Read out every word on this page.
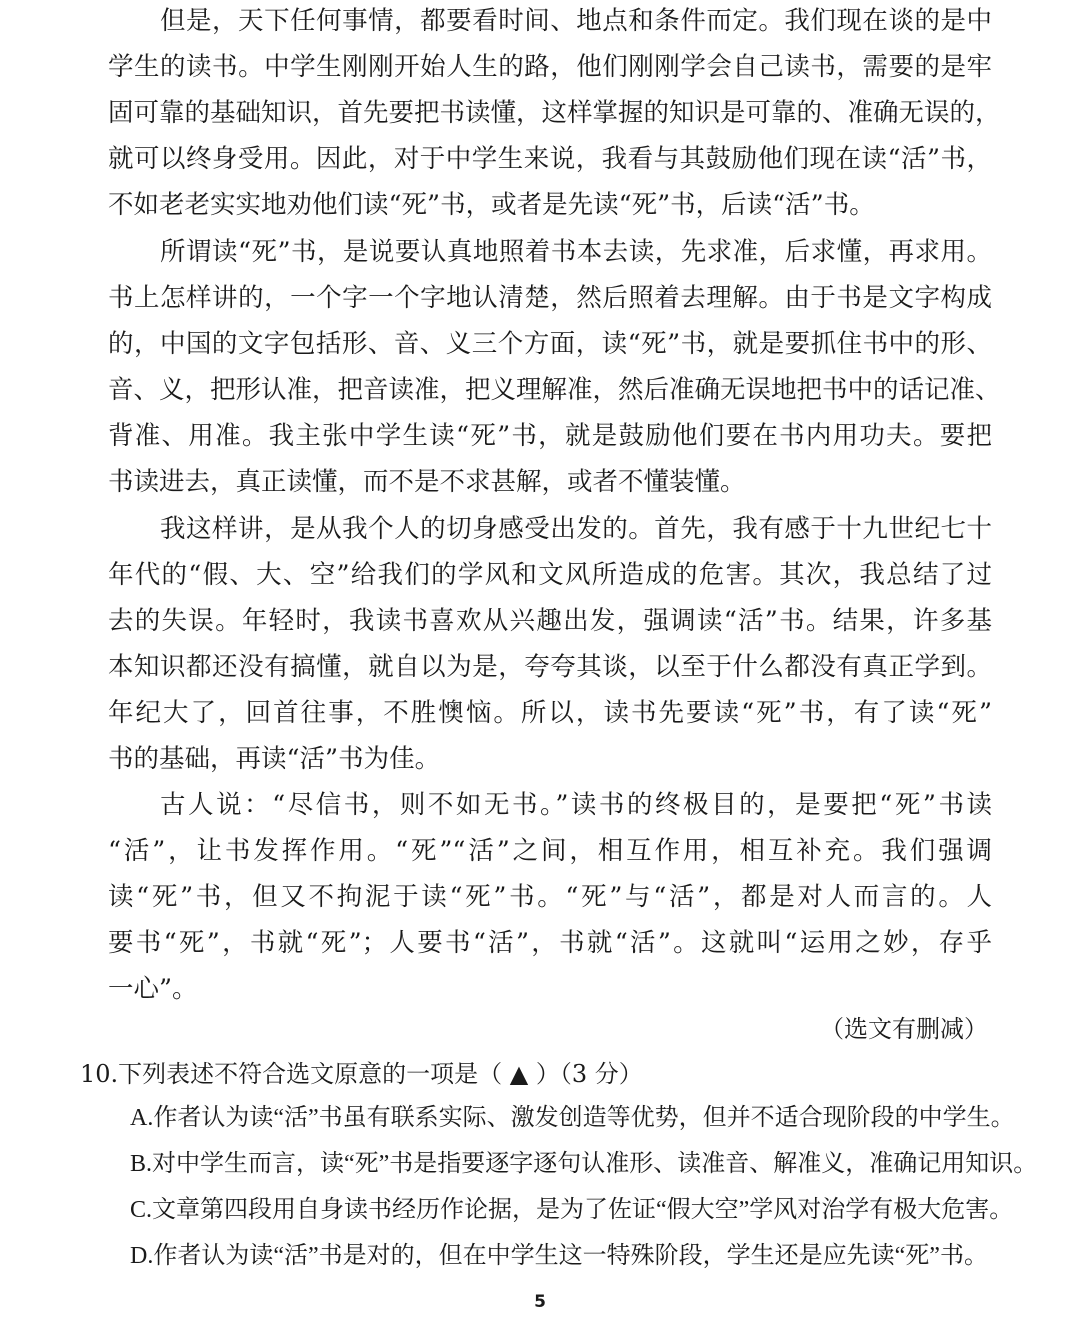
但是，天下任何事情，都要看时间、地点和条件而定。我们现在谈的是中
学生的读书。中学生刚刚开始人生的路，他们刚刚学会自己读书，需要的是牢
固可靠的基础知识，首先要把书读懂，这样掌握的知识是可靠的、准确无误的，
就可以终身受用。因此，对于中学生来说，我看与其鼓励他们现在读“活”书，
不如老老实实地劝他们读“死”书，或者是先读“死”书，后读“活”书。
所谓读“死”书，是说要认真地照着书本去读，先求准，后求懂，再求用。
书上怎样讲的，一个字一个字地认清楚，然后照着去理解。由于书是文字构成
的，中国的文字包括形、音、义三个方面，读“死”书，就是要抓住书中的形、
音、义，把形认准，把音读准，把义理解准，然后准确无误地把书中的话记准、
背准、用准。我主张中学生读“死”书，就是鼓励他们要在书内用功夫。要把
书读进去，真正读懂，而不是不求甚解，或者不懂装懂。
我这样讲，是从我个人的切身感受出发的。首先，我有感于十九世纪七十
年代的“假、大、空”给我们的学风和文风所造成的危害。其次，我总结了过
去的失误。年轻时，我读书喜欢从兴趣出发，强调读“活”书。结果，许多基
本知识都还没有搞懂，就自以为是，夸夸其谈，以至于什么都没有真正学到。
年纪大了，回首往事，不胜懊恼。所以，读书先要读“死”书，有了读“死”
书的基础，再读“活”书为佳。
古人说：“尽信书，则不如无书。”读书的终极目的，是要把“死”书读
“活”，让书发挥作用。“死”“活”之间，相互作用，相互补充。我们强调
读“死”书，但又不拘泥于读“死”书。“死”与“活”，都是对人而言的。人
要书“死”，书就“死”；人要书“活”，书就“活”。这就叫“运用之妙，存乎
一心”。
（选文有删减）
10.下列表述不符合选文原意的一项是（ ▲ ）（3 分）
A.作者认为读“活”书虽有联系实际、激发创造等优势，但并不适合现阶段的中学生。
B.对中学生而言，读“死”书是指要逐字逐句认准形、读准音、解准义，准确记用知识。
C.文章第四段用自身读书经历作论据，是为了佐证“假大空”学风对治学有极大危害。
D.作者认为读“活”书是对的，但在中学生这一特殊阶段，学生还是应先读“死”书。
5
